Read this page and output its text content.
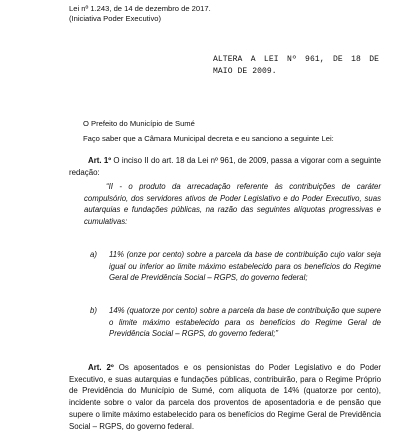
Lei nº 1.243, de 14 de dezembro de 2017.
(Iniciativa Poder Executivo)
ALTERA A LEI Nº 961, DE 18 DE MAIO DE 2009.
O Prefeito do Município de Sumé
Faço saber que a Câmara Municipal decreta e eu sanciono a seguinte Lei:
Art. 1º O inciso II do art. 18 da Lei nº 961, de 2009, passa a vigorar com a seguinte redação:
“II - o produto da arrecadação referente às contribuições de caráter compulsório, dos servidores ativos de Poder Legislativo e do Poder Executivo, suas autarquias e fundações públicas, na razão das seguintes alíquotas progressivas e cumulativas:
a) 11% (onze por cento) sobre a parcela da base de contribuição cujo valor seja igual ou inferior ao limite máximo estabelecido para os benefícios do Regime Geral de Previdência Social – RGPS, do governo federal;
b) 14% (quatorze por cento) sobre a parcela da base de contribuição que supere o limite máximo estabelecido para os benefícios do Regime Geral de Previdência Social – RGPS, do governo federal;”
Art. 2º Os aposentados e os pensionistas do Poder Legislativo e do Poder Executivo, e suas autarquias e fundações públicas, contribuirão, para o Regime Próprio de Previdência do Município de Sumé, com alíquota de 14% (quatorze por cento), incidente sobre o valor da parcela dos proventos de aposentadoria e de pensão que supere o limite máximo estabelecido para os benefícios do Regime Geral de Previdência Social – RGPS, do governo federal.
